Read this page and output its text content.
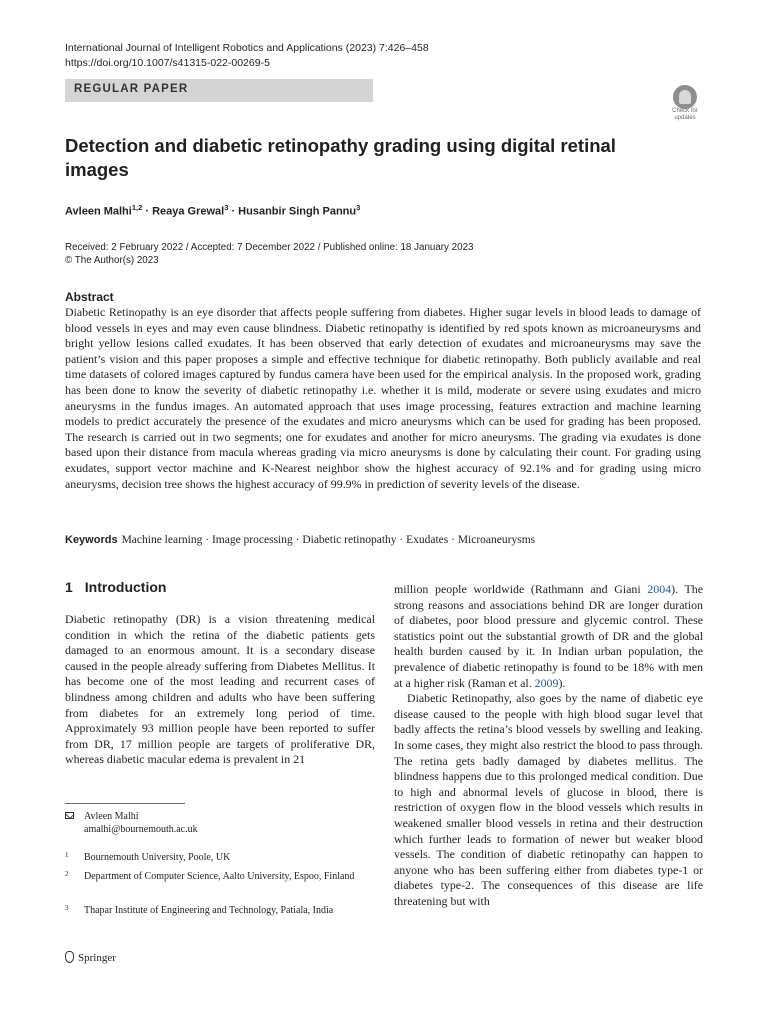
International Journal of Intelligent Robotics and Applications (2023) 7:426–458
https://doi.org/10.1007/s41315-022-00269-5
REGULAR PAPER
Check for
updates
Detection and diabetic retinopathy grading using digital retinal images
Avleen Malhi$^{1,2}$ · Reaya Grewal$^3$ · Husanbir Singh Pannu$^3$
Received: 2 February 2022 / Accepted: 7 December 2022 / Published online: 18 January 2023
© The Author(s) 2023
Abstract

Diabetic Retinopathy is an eye disorder that affects people suffering from diabetes. Higher sugar levels in blood leads to damage of blood vessels in eyes and may even cause blindness. Diabetic retinopathy is identified by red spots known as microaneurysms and bright yellow lesions called exudates. It has been observed that early detection of exudates and microaneurysms may save the patient’s vision and this paper proposes a simple and effective technique for diabetic retinopathy. Both publicly available and real time datasets of colored images captured by fundus camera have been used for the empirical analysis. In the proposed work, grading has been done to know the severity of diabetic retinopathy i.e. whether it is mild, moderate or severe using exudates and micro aneurysms in the fundus images. An automated approach that uses image processing, features extraction and machine learning models to predict accurately the presence of the exudates and micro aneurysms which can be used for grading has been proposed. The research is carried out in two segments; one for exudates and another for micro aneurysms. The grading via exudates is done based upon their distance from macula whereas grading via micro aneurysms is done by calculating their count. For grading using exudates, support vector machine and K-Nearest neighbor show the highest accuracy of 92.1% and for grading using micro aneurysms, decision tree shows the highest accuracy of 99.9% in prediction of severity levels of the disease.

Keywords Machine learning · Image processing · Diabetic retinopathy · Exudates · Microaneurysms
1 Introduction

Diabetic retinopathy (DR) is a vision threatening medical condition in which the retina of the diabetic patients gets damaged to an enormous amount. It is a secondary disease caused in the people already suffering from Diabetes Mellitus. It has become one of the most leading and recurrent cases of blindness among children and adults who have been suffering from diabetes for an extremely long period of time. Approximately 93 million people have been reported to suffer from DR, 17 million people are targets of proliferative DR, whereas diabetic macular edema is prevalent in 21

million people worldwide (Rathmann and Giani 2004). The strong reasons and associations behind DR are longer duration of diabetes, poor blood pressure and glycemic control. These statistics point out the substantial growth of DR and the global health burden caused by it. In Indian urban population, the prevalence of diabetic retinopathy is found to be 18% with men at a higher risk (Raman et al. 2009).

Diabetic Retinopathy, also goes by the name of diabetic eye disease caused to the people with high blood sugar level that badly affects the retina’s blood vessels by swelling and leaking. In some cases, they might also restrict the blood to pass through. The retina gets badly damaged by diabetes mellitus. The blindness happens due to this prolonged medical condition. Due to high and abnormal levels of glucose in blood, there is restriction of oxygen flow in the blood vessels which results in weakened smaller blood vessels in retina and their destruction which further leads to formation of newer but weaker blood vessels. The condition of diabetic retinopathy can happen to anyone who has been suffering either from diabetes type-1 or diabetes type-2. The consequences of this disease are life threatening but with

Avleen Malhi
amalhi@bournemouth.ac.uk
1	Bournemouth University, Poole, UK
2	Department of Computer Science, Aalto University, Espoo, Finland
3	Thapar Institute of Engineering and Technology, Patiala, India
Springer
